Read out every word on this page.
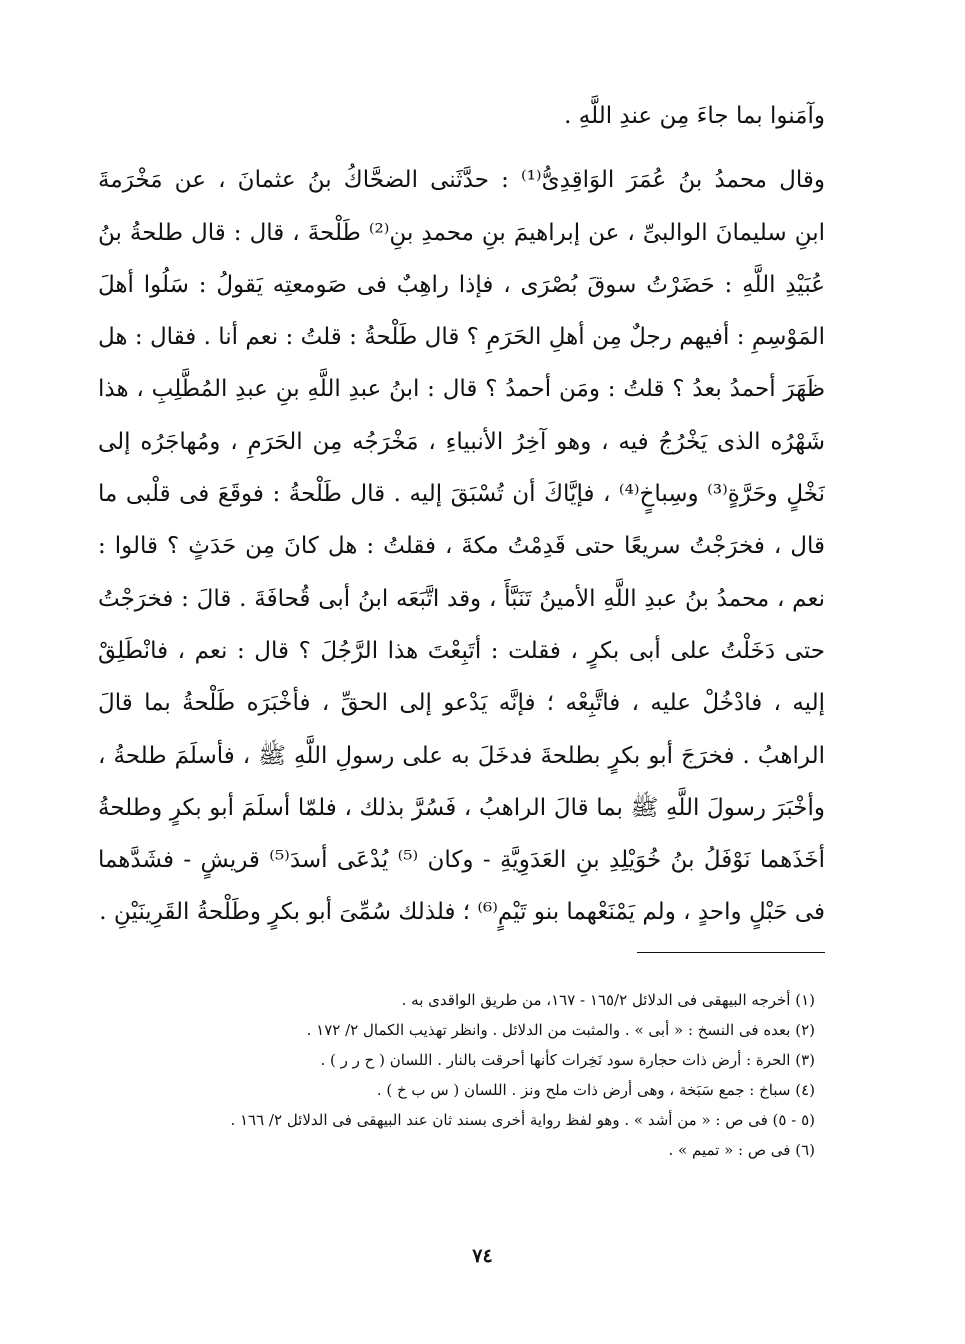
وآمَنوا بما جاءَ مِن عندِ اللَّهِ .
وقال محمدُ بنُ عُمَرَ الوَاقِدِىُّ⁽¹⁾ : حدَّثَنى الضحَّاكُ بنُ عثمانَ ، عن مَخْرَمةَ
ابنِ سليمانَ الوالبىِّ ، عن إبراهيمَ بنِ محمدِ بنِ⁽²⁾ طَلْحةَ ، قال : قال طلحةُ بنُ
عُبَيْدِ اللَّهِ : حَضَرْتُ سوقَ بُصْرَى ، فإذا راهِبٌ فى صَومعتِه يَقولُ : سَلُوا أهلَ
المَوْسِمِ : أفيهم رجلٌ مِن أهلِ الحَرَمِ ؟ قال طَلْحةُ : قلتُ : نعم أنا . فقال : هل
ظَهَرَ أحمدُ بعدُ ؟ قلتُ : ومَن أحمدُ ؟ قال : ابنُ عبدِ اللَّهِ بنِ عبدِ المُطَّلِبِ ، هذا
شَهْرُه الذى يَخْرُجُ فيه ، وهو آخِرُ الأنبياءِ ، مَخْرَجُه مِن الحَرَمِ ، ومُهاجَرُه إلى
نَخْلٍ وحَرَّةٍ⁽³⁾ وسِباخٍ⁽⁴⁾ ، فإيَّاكَ أن تُسْبَقَ إليه . قال طَلْحةُ : فوقَعَ فى قلْبى ما
قال ، فخرَجْتُ سريعًا حتى قَدِمْتُ مكةَ ، فقلتُ : هل كانَ مِن حَدَثٍ ؟ قالوا :
نعم ، محمدُ بنُ عبدِ اللَّهِ الأمينُ تَنَبَّأَ ، وقد اتَّبَعَه ابنُ أبى قُحافَةَ . قالَ : فخرَجْتُ
حتى دَخَلْتُ على أبى بكرٍ ، فقلت : أتَبِعْتَ هذا الرَّجُلَ ؟ قال : نعم ، فانْطَلِقْ
إليه ، فادْخُلْ عليه ، فاتَّبِعْه ؛ فإنَّه يَدْعو إلى الحقِّ ، فأخْبَرَه طَلْحةُ بما قالَ
الراهبُ . فخرَجَ أبو بكرٍ بطلحةَ فدخَلَ به على رسولِ اللَّهِ ﷺ ، فأسلَمَ طلحةُ ،
وأخْبَرَ رسولَ اللَّهِ ﷺ بما قالَ الراهبُ ، فَسُرَّ بذلك ، فلمّا أسلَمَ أبو بكرٍ وطلحةُ
أخَذَهما نَوْفَلُ بنُ خُوَيْلِدِ بنِ العَدَوِيَّةِ - وكان ⁽⁵⁾ يُدْعَى أسدَ⁽⁵⁾ قريشٍ - فشَدَّهما
فى حَبْلٍ واحدٍ ، ولم يَمْنَعْهما بنو تَيْمٍ⁽⁶⁾ ؛ فلذلك سُمِّىَ أبو بكرٍ وطَلْحةُ القَرِينَيْنِ .
(١) أخرجه البيهقى فى الدلائل ١٦٥/٢ - ١٦٧، من طريق الواقدى به .
(٢) بعده فى النسخ : « أبى » . والمثبت من الدلائل . وانظر تهذيب الكمال ٢/ ١٧٢ .
(٣) الحرة : أرض ذات حجارة سود نَخِرات كأنها أحرقت بالنار . اللسان ( ح ر ر ) .
(٤) سباخ : جمع سَبَخة ، وهى أرض ذات ملح ونز . اللسان ( س ب خ ) .
(٥ - ٥) فى ص : « من أشد » . وهو لفظ رواية أخرى بسند ثان عند البيهقى فى الدلائل ٢/ ١٦٦ .
(٦) فى ص : « تميم » .
٧٤
